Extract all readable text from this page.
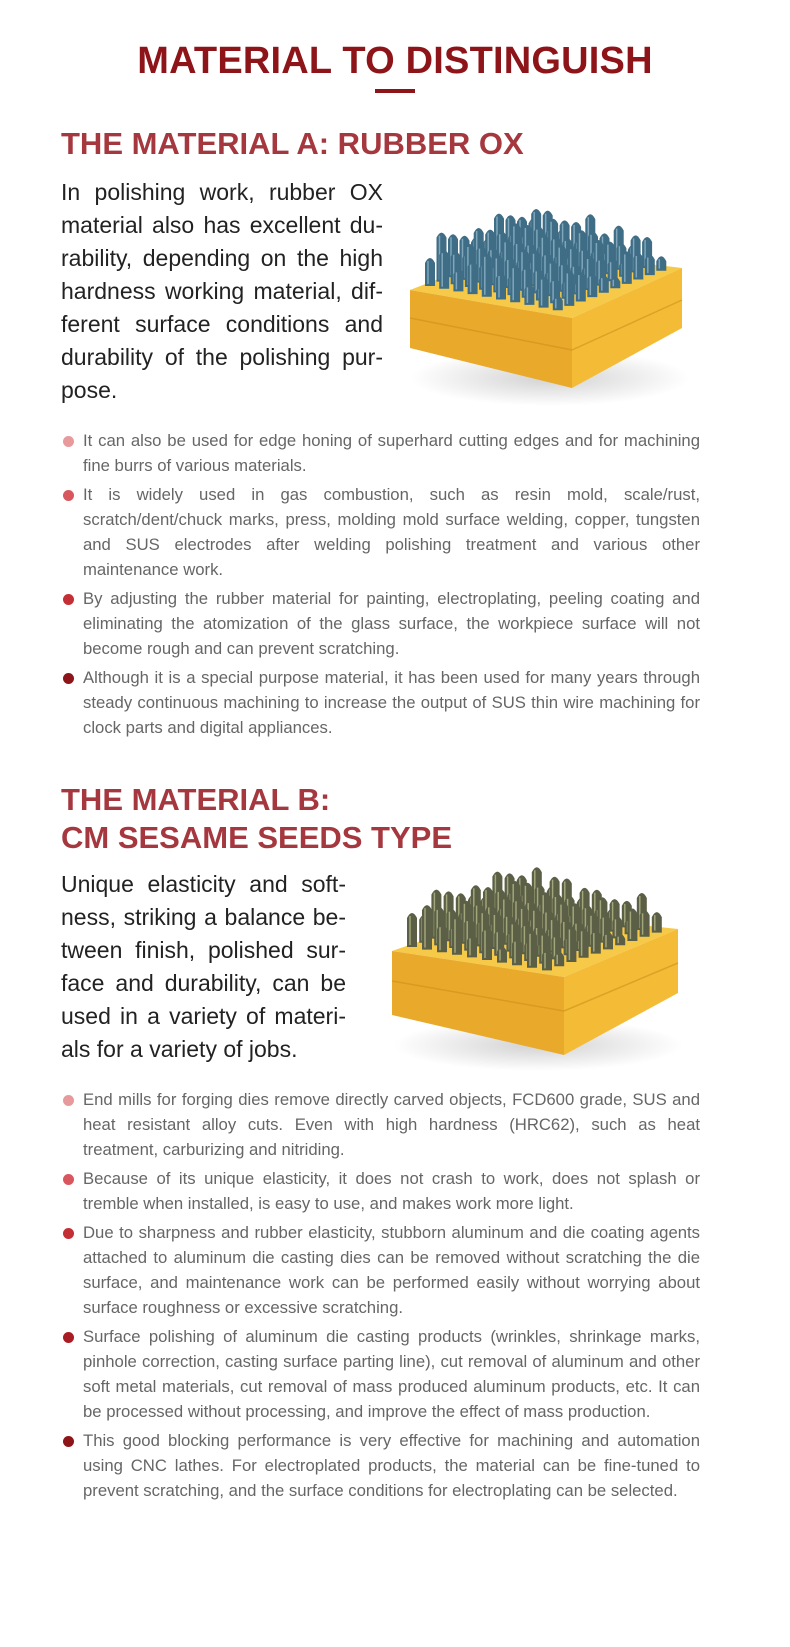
MATERIAL TO DISTINGUISH
THE MATERIAL A: RUBBER OX

In polishing work, rubber OX material also has excellent durability, depending on the high hardness working material, different surface conditions and durability of the polishing purpose.

It can also be used for edge honing of superhard cutting edges and for machining fine burrs of various materials.
It is widely used in gas combustion, such as resin mold, scale/rust, scratch/dent/chuck marks, press, molding mold surface welding, copper, tungsten and SUS electrodes after welding polishing treatment and various other maintenance work.
By adjusting the rubber material for painting, electroplating, peeling coating and eliminating the atomization of the glass surface, the workpiece surface will not become rough and can prevent scratching.
Although it is a special purpose material, it has been used for many years through steady continuous machining to increase the output of SUS thin wire machining for clock parts and digital appliances.
THE MATERIAL B:
CM SESAME SEEDS TYPE

Unique elasticity and softness, striking a balance between finish, polished surface and durability, can be used in a variety of materials for a variety of jobs.

End mills for forging dies remove directly carved objects, FCD600 grade, SUS and heat resistant alloy cuts. Even with high hardness (HRC62), such as heat treatment, carburizing and nitriding.
Because of its unique elasticity, it does not crash to work, does not splash or tremble when installed, is easy to use, and makes work more light.
Due to sharpness and rubber elasticity, stubborn aluminum and die coating agents attached to aluminum die casting dies can be removed without scratching the die surface, and maintenance work can be performed easily without worrying about surface roughness or excessive scratching.
Surface polishing of aluminum die casting products (wrinkles, shrinkage marks, pinhole correction, casting surface parting line), cut removal of aluminum and other soft metal materials, cut removal of mass produced aluminum products, etc. It can be processed without processing, and improve the effect of mass production.
This good blocking performance is very effective for machining and automation using CNC lathes. For electroplated products, the material can be fine-tuned to prevent scratching, and the surface conditions for electroplating can be selected.
